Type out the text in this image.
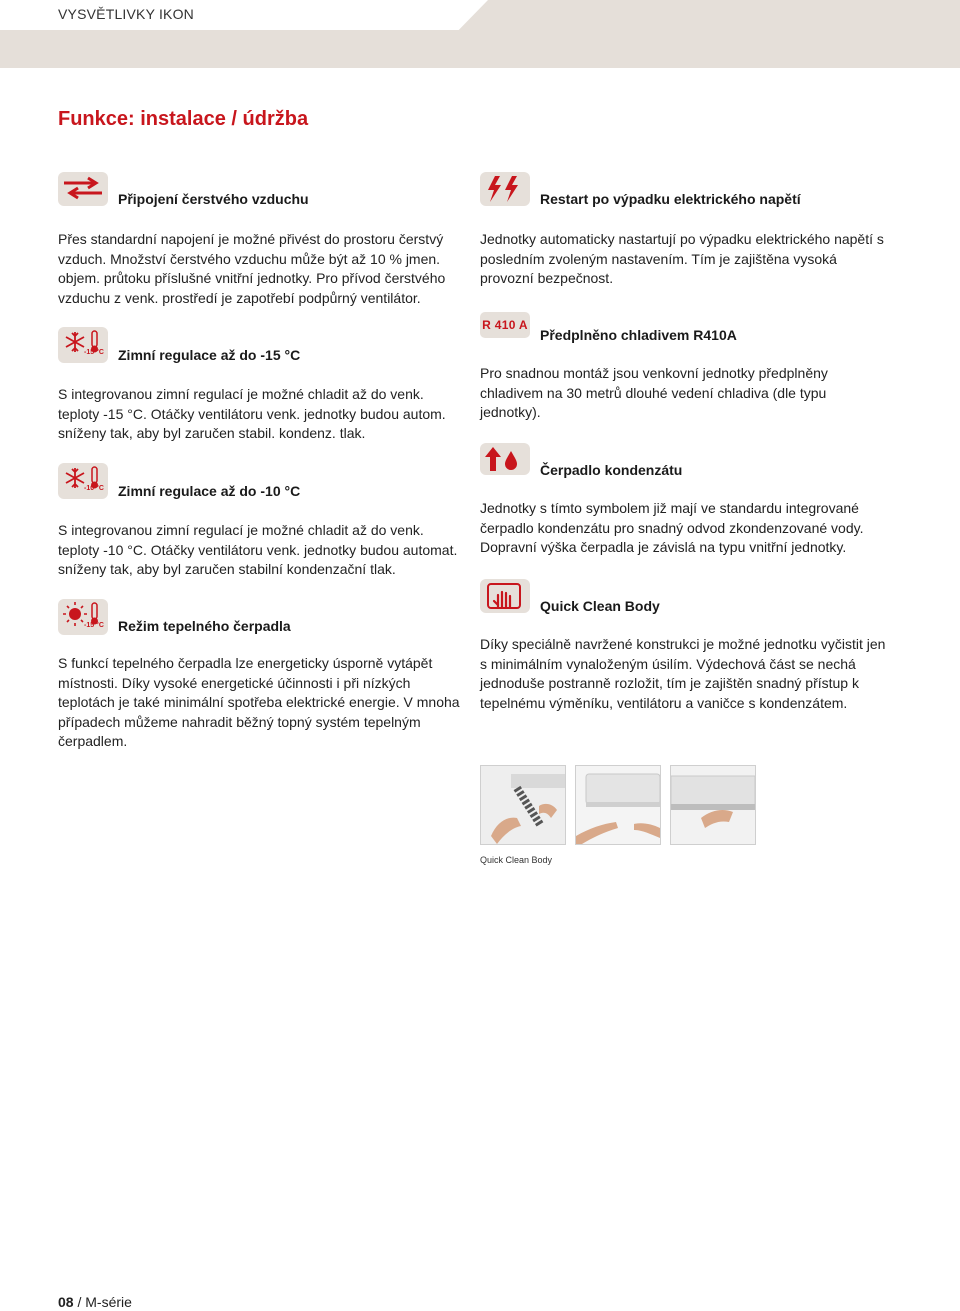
VYSVĚTLIVKY IKON
Funkce: instalace / údržba
Připojení čerstvého vzduchu

Přes standardní napojení je možné přivést do prostoru čerstvý vzduch. Množství čerstvého vzduchu může být až 10 % jmen. objem. průtoku příslušné vnitřní jednotky. Pro přívod čerstvého vzduchu z venk. prostředí je zapotřebí podpůrný ventilátor.

-15 °C Zimní regulace až do -15 °C

S integrovanou zimní regulací je možné chladit až do venk. teploty -15 °C. Otáčky ventilátoru venk. jednotky budou autom. sníženy tak, aby byl zaručen stabil. kondenz. tlak.

-10 °C Zimní regulace až do -10 °C

S integrovanou zimní regulací je možné chladit až do venk. teploty -10 °C. Otáčky ventilátoru venk. jednotky budou automat. sníženy tak, aby byl zaručen stabilní kondenzační tlak.

-15 °C Režim tepelného čerpadla

S funkcí tepelného čerpadla lze energeticky úsporně vytápět místnosti. Díky vysoké energetické účinnosti i při nízkých teplotách je také minimální spotřeba elektrické energie. V mnoha případech můžeme nahradit běžný topný systém tepelným čerpadlem.

Restart po výpadku elektrického napětí

Jednotky automaticky nastartují po výpadku elektrického napětí s posledním zvoleným nastavením. Tím je zajištěna vysoká provozní bezpečnost.

R 410 A
Předplněno chladivem R410A

Pro snadnou montáž jsou venkovní jednotky předplněny chladivem na 30 metrů dlouhé vedení chladiva (dle typu jednotky).

Čerpadlo kondenzátu

Jednotky s tímto symbolem již mají ve standardu integrované čerpadlo kondenzátu pro snadný odvod zkondenzované vody. Dopravní výška čerpadla je závislá na typu vnitřní jednotky.

Quick Clean Body

Díky speciálně navržené konstrukci je možné jednotku vyčistit jen s minimálním vynaloženým úsilím. Výdechová část se nechá jednoduše postranně rozložit, tím je zajištěn snadný přístup k tepelnému výměníku, ventilátoru a vaničce s kondenzátem.

Quick Clean Body
08 / M-série
